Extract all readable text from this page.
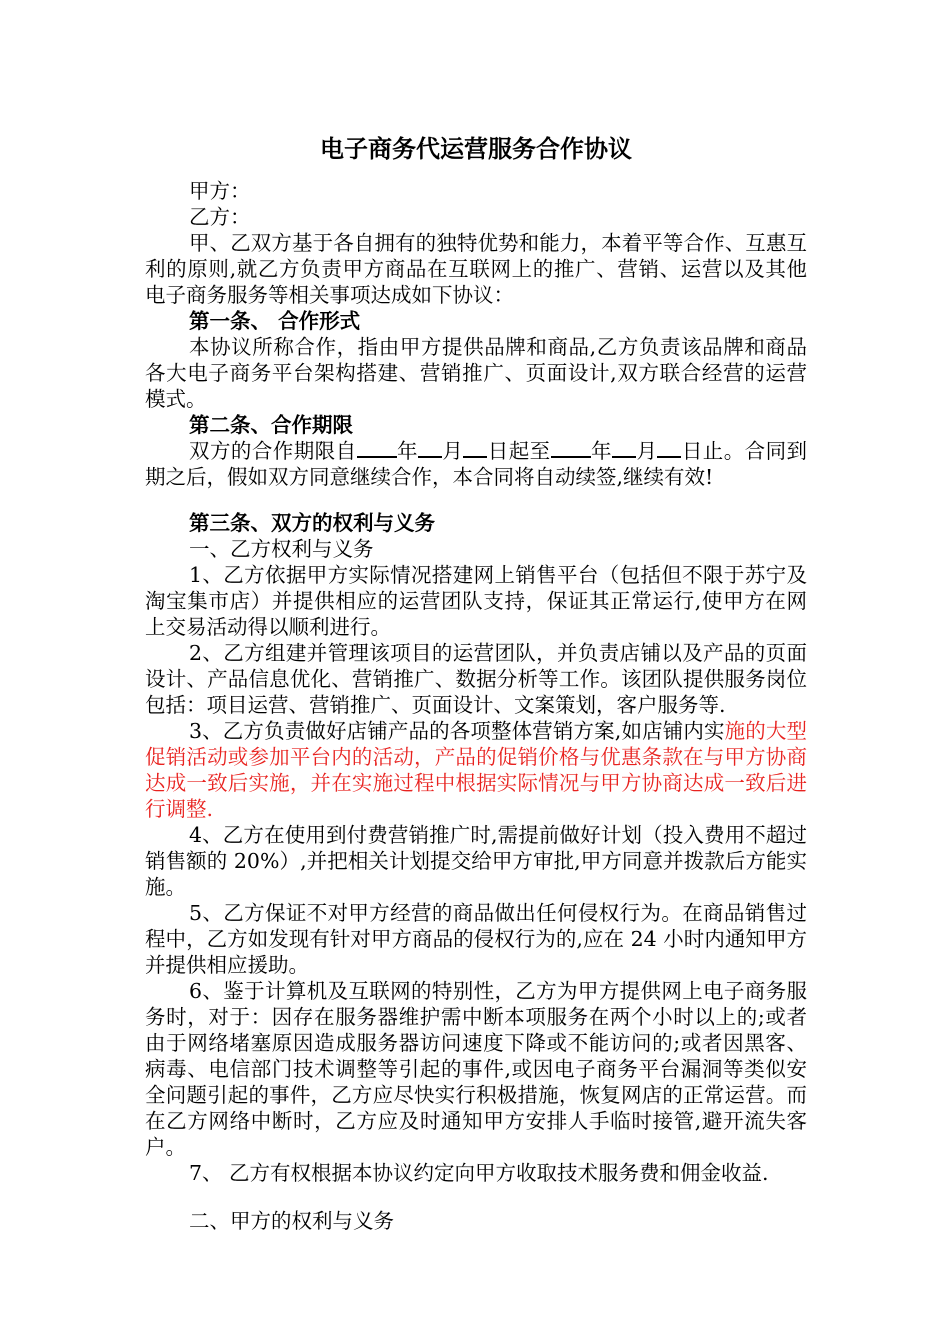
电子商务代运营服务合作协议

甲方：

乙方：

甲、乙双方基于各自拥有的独特优势和能力，本着平等合作、互惠互利的原则,就乙方负责甲方商品在互联网上的推广、营销、运营以及其他电子商务服务等相关事项达成如下协议：

第一条、 合作形式

本协议所称合作，指由甲方提供品牌和商品,乙方负责该品牌和商品各大电子商务平台架构搭建、营销推广、页面设计,双方联合经营的运营模式。

第二条、合作期限

双方的合作期限自 年 月 日起至 年 月 日止。合同到期之后，假如双方同意继续合作，本合同将自动续签,继续有效!

第三条、双方的权利与义务

一、乙方权利与义务

1、乙方依据甲方实际情况搭建网上销售平台（包括但不限于苏宁及淘宝集市店）并提供相应的运营团队支持，保证其正常运行,使甲方在网上交易活动得以顺利进行。

2、乙方组建并管理该项目的运营团队，并负责店铺以及产品的页面设计、产品信息优化、营销推广、数据分析等工作。该团队提供服务岗位包括：项目运营、营销推广、页面设计、文案策划，客户服务等.

3、乙方负责做好店铺产品的各项整体营销方案,如店铺内实施的大型促销活动或参加平台内的活动，产品的促销价格与优惠条款在与甲方协商达成一致后实施，并在实施过程中根据实际情况与甲方协商达成一致后进行调整.

4、乙方在使用到付费营销推广时,需提前做好计划（投入费用不超过销售额的 20%）,并把相关计划提交给甲方审批,甲方同意并拨款后方能实施。

5、乙方保证不对甲方经营的商品做出任何侵权行为。在商品销售过程中，乙方如发现有针对甲方商品的侵权行为的,应在 24 小时内通知甲方并提供相应援助。

6、鉴于计算机及互联网的特别性，乙方为甲方提供网上电子商务服务时，对于：因存在服务器维护需中断本项服务在两个小时以上的;或者由于网络堵塞原因造成服务器访问速度下降或不能访问的;或者因黑客、病毒、电信部门技术调整等引起的事件,或因电子商务平台漏洞等类似安全问题引起的事件，乙方应尽快实行积极措施，恢复网店的正常运营。而在乙方网络中断时，乙方应及时通知甲方安排人手临时接管,避开流失客户。

7、 乙方有权根据本协议约定向甲方收取技术服务费和佣金收益.

二、甲方的权利与义务
